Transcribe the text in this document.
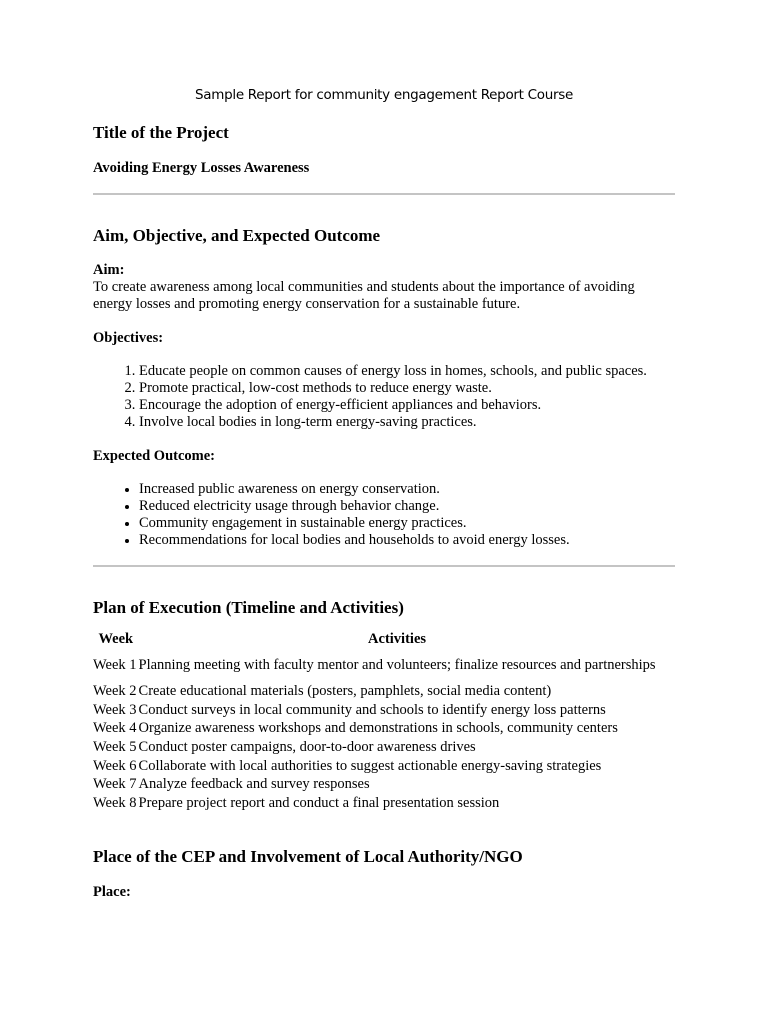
Sample Report for community engagement Report Course
Title of the Project

Avoiding Energy Losses Awareness

Aim, Objective, and Expected Outcome

Aim:

To create awareness among local communities and students about the importance of avoiding energy losses and promoting energy conservation for a sustainable future.

Objectives:

1. Educate people on common causes of energy loss in homes, schools, and public spaces.
2. Promote practical, low-cost methods to reduce energy waste.
3. Encourage the adoption of energy-efficient appliances and behaviors.
4. Involve local bodies in long-term energy-saving practices.

Expected Outcome:

• Increased public awareness on energy conservation.
• Reduced electricity usage through behavior change.
• Community engagement in sustainable energy practices.
• Recommendations for local bodies and households to avoid energy losses.
Plan of Execution (Timeline and Activities)
Week	Activities
Week 1	Planning meeting with faculty mentor and volunteers; finalize resources and partnerships
Week 2	Create educational materials (posters, pamphlets, social media content)
Week 3	Conduct surveys in local community and schools to identify energy loss patterns
Week 4	Organize awareness workshops and demonstrations in schools, community centers
Week 5	Conduct poster campaigns, door-to-door awareness drives
Week 6	Collaborate with local authorities to suggest actionable energy-saving strategies
Week 7	Analyze feedback and survey responses
Week 8	Prepare project report and conduct a final presentation session
Place of the CEP and Involvement of Local Authority/NGO

Place:
